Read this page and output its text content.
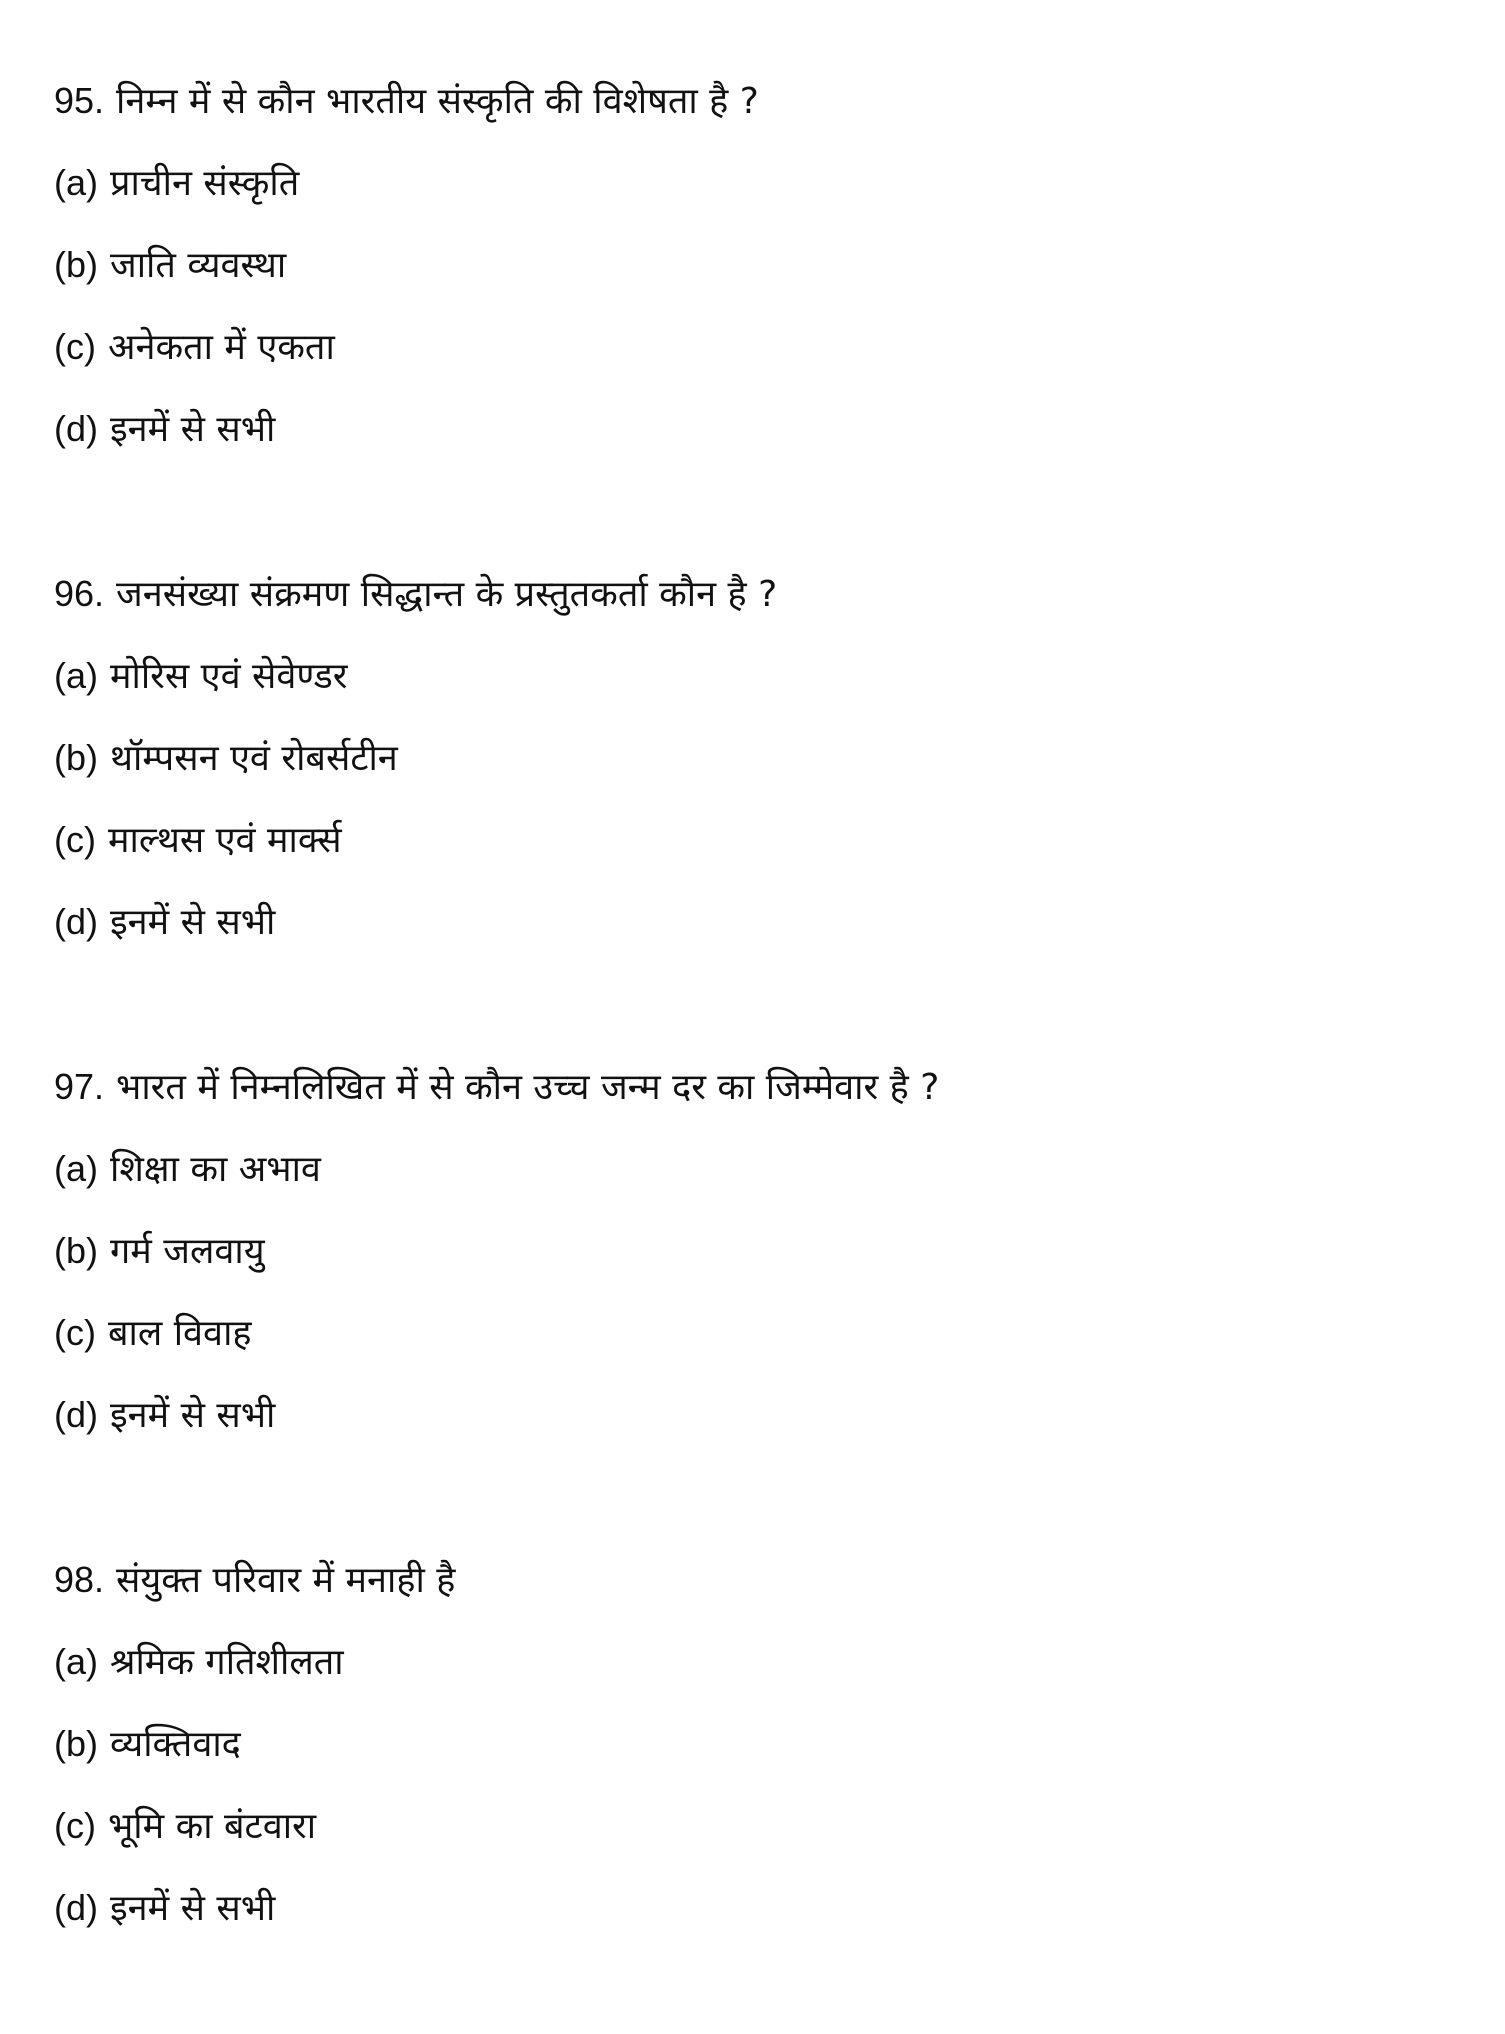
95. निम्न में से कौन भारतीय संस्कृति की विशेषता है ?
(a) प्राचीन संस्कृति
(b) जाति व्यवस्था
(c) अनेकता में एकता
(d) इनमें से सभी
96. जनसंख्या संक्रमण सिद्धान्त के प्रस्तुतकर्ता कौन है ?
(a) मोरिस एवं सेवेण्डर
(b) थॉम्पसन एवं रोबर्सटीन
(c) माल्थस एवं मार्क्स
(d) इनमें से सभी
97. भारत में निम्नलिखित में से कौन उच्च जन्म दर का जिम्मेवार है ?
(a) शिक्षा का अभाव
(b) गर्म जलवायु
(c) बाल विवाह
(d) इनमें से सभी
98. संयुक्त परिवार में मनाही है
(a) श्रमिक गतिशीलता
(b) व्यक्तिवाद
(c) भूमि का बंटवारा
(d) इनमें से सभी
